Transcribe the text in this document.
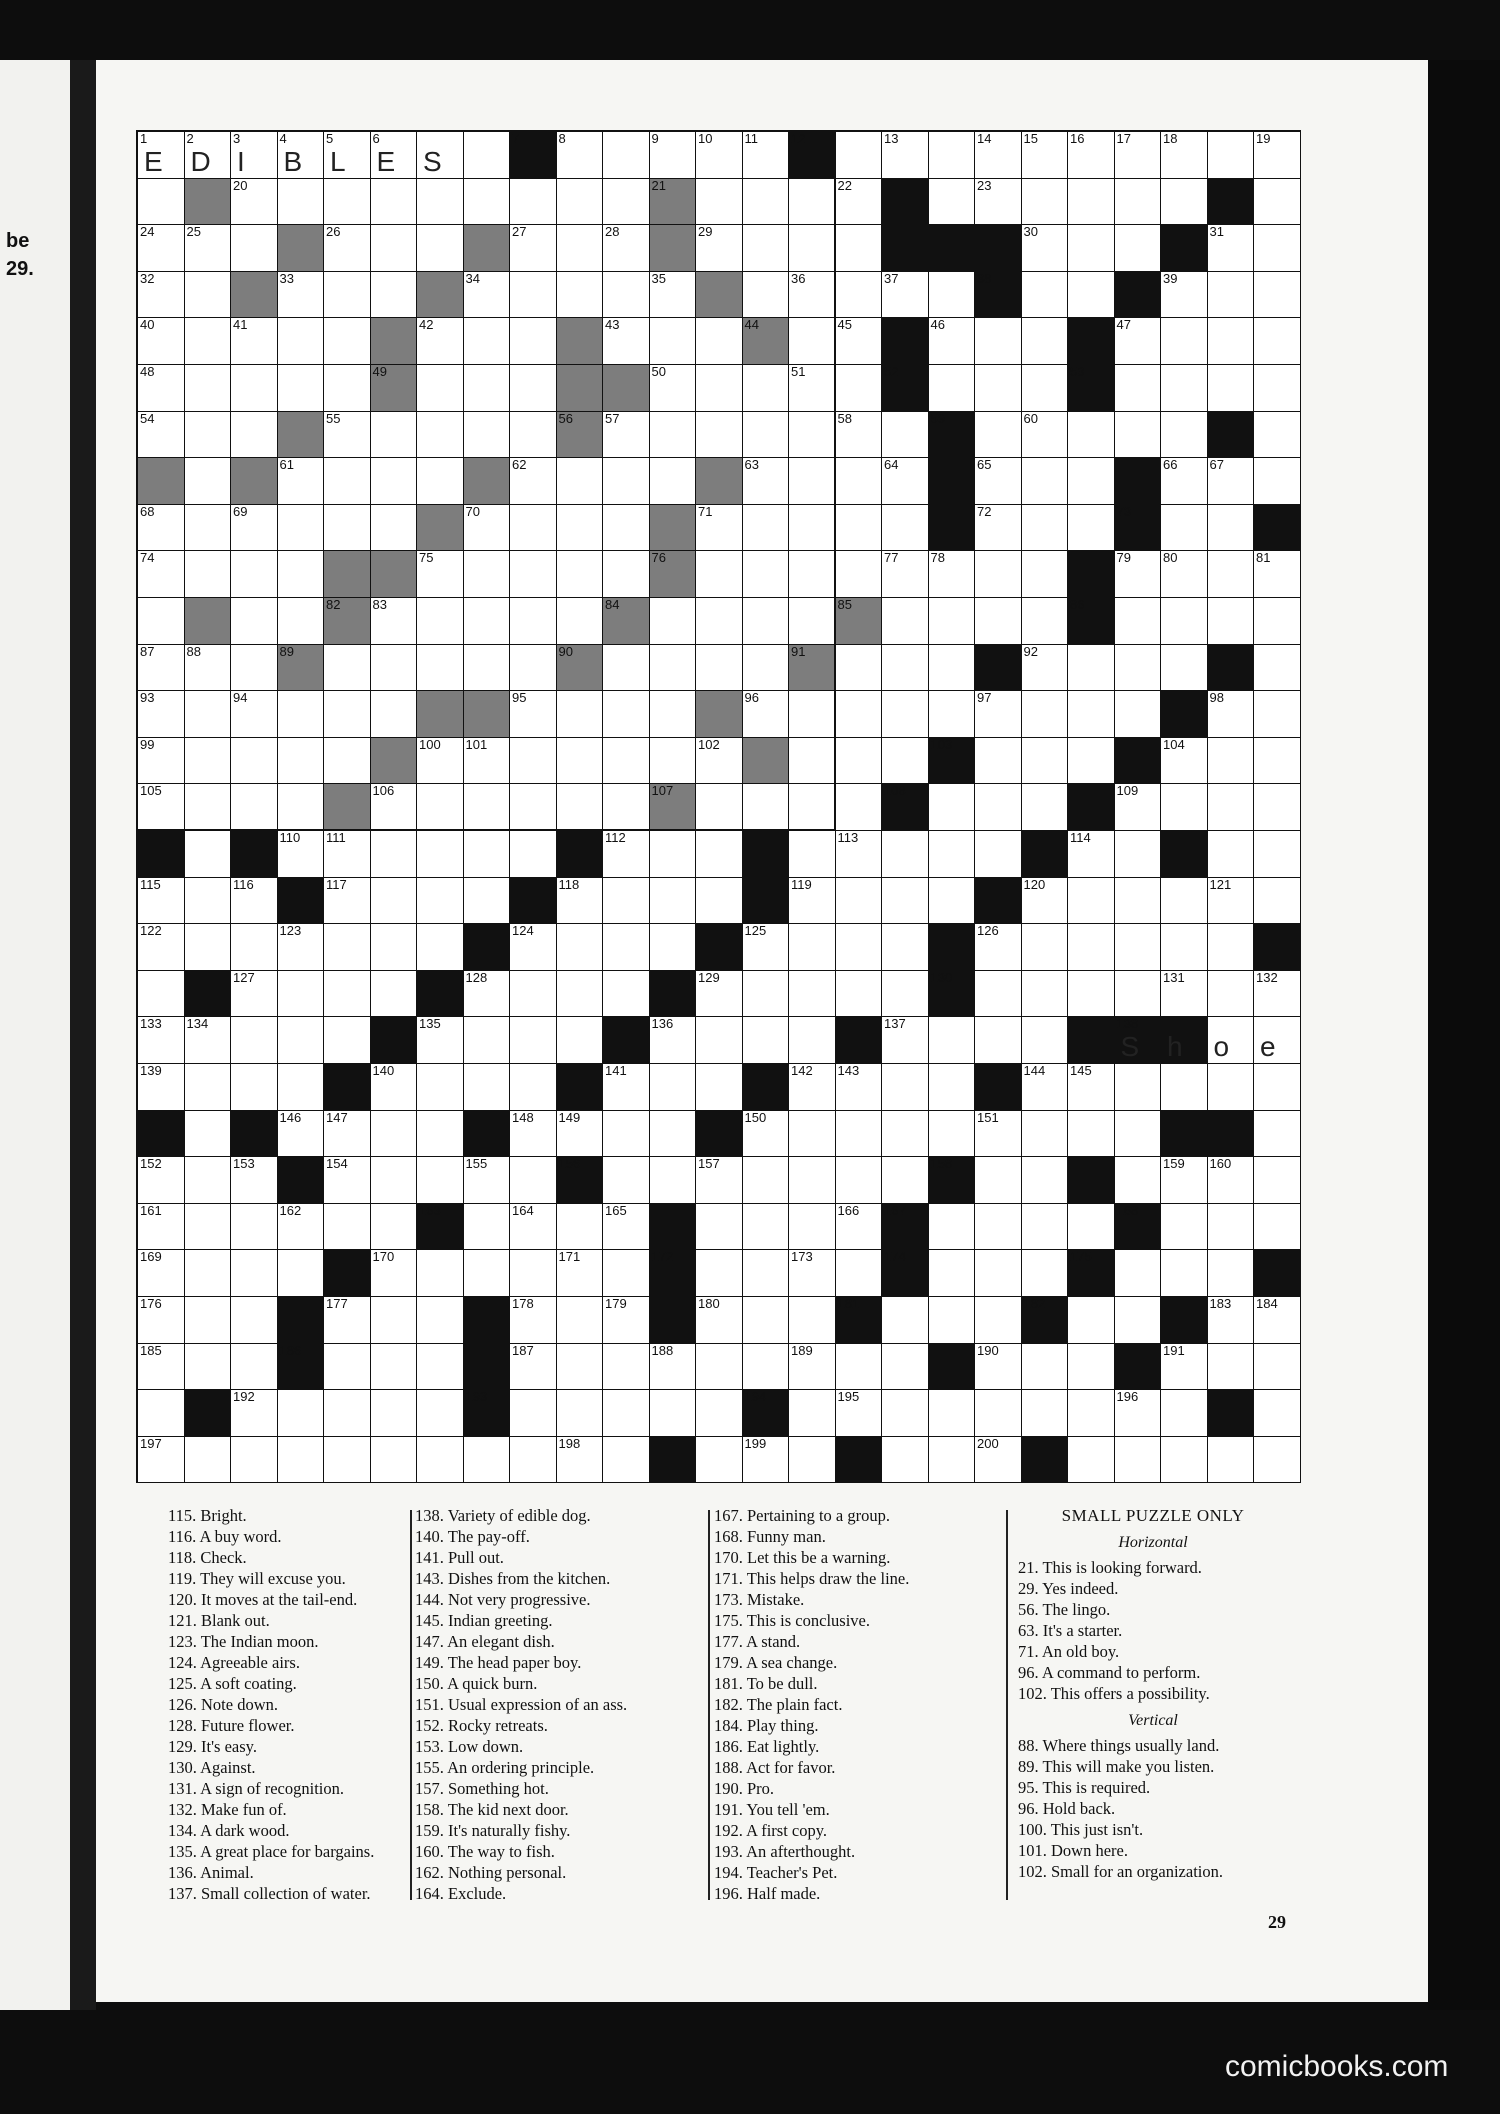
be
29.
1
E
2
D
3
I
4
B
5
L
6
E S
7	8	9	10 11	12	13	14 15 16 17 18	19
20	21	22	23
24 25	26	27	28	29	30	31
32	33	34	35	36	37	38	39
40	41	42	43	44	45	46	47
48	49	50	51	52	53
54	55	56 57	58	59	60
61	62	63	64	65	66 67
68	69	70	71	72	73
74	75	76	77 78	79 80	81
82 83	84	85	86
87 88	89	90	91	92
93	94	95	96	97	98
99	100 101	102	103	104
105	106	107	108	109
110 111	112	113	114
115	116	117	118	119	120	121
122	123	124	125	126
127	128	129	130	131	132
133 134	135	136	137	138
S h o e
139	140	141	142 143	144 145
146 147	148 149	150	151
152	153	154	155	156	157	158	159 160
161	162	163	164	165	166 167	168
169	170	171	172	173	174	175
176	177	178	179	180	181	182	183 184
185	186	187	188	189	190	191
192	193	194	195	196
197	198	199	200
115. Bright.
116. A buy word.
118. Check.
119. They will excuse you.
120. It moves at the tail-end.
121. Blank out.
123. The Indian moon.
124. Agreeable airs.
125. A soft coating.
126. Note down.
128. Future flower.
129. It's easy.
130. Against.
131. A sign of recognition.
132. Make fun of.
134. A dark wood.
135. A great place for bargains.
136. Animal.
137. Small collection of water.
138. Variety of edible dog.
140. The pay-off.
141. Pull out.
143. Dishes from the kitchen.
144. Not very progressive.
145. Indian greeting.
147. An elegant dish.
149. The head paper boy.
150. A quick burn.
151. Usual expression of an ass.
152. Rocky retreats.
153. Low down.
155. An ordering principle.
157. Something hot.
158. The kid next door.
159. It's naturally fishy.
160. The way to fish.
162. Nothing personal.
164. Exclude.
167. Pertaining to a group.
168. Funny man.
170. Let this be a warning.
171. This helps draw the line.
173. Mistake.
175. This is conclusive.
177. A stand.
179. A sea change.
181. To be dull.
182. The plain fact.
184. Play thing.
186. Eat lightly.
188. Act for favor.
190. Pro.
191. You tell 'em.
192. A first copy.
193. An afterthought.
194. Teacher's Pet.
196. Half made.
SMALL PUZZLE ONLY
Horizontal
21. This is looking forward.
29. Yes indeed.
56. The lingo.
63. It's a starter.
71. An old boy.
96. A command to perform.
102. This offers a possibility.
Vertical
88. Where things usually land.
89. This will make you listen.
95. This is required.
96. Hold back.
100. This just isn't.
101. Down here.
102. Small for an organization.
29
comicbooks.com
